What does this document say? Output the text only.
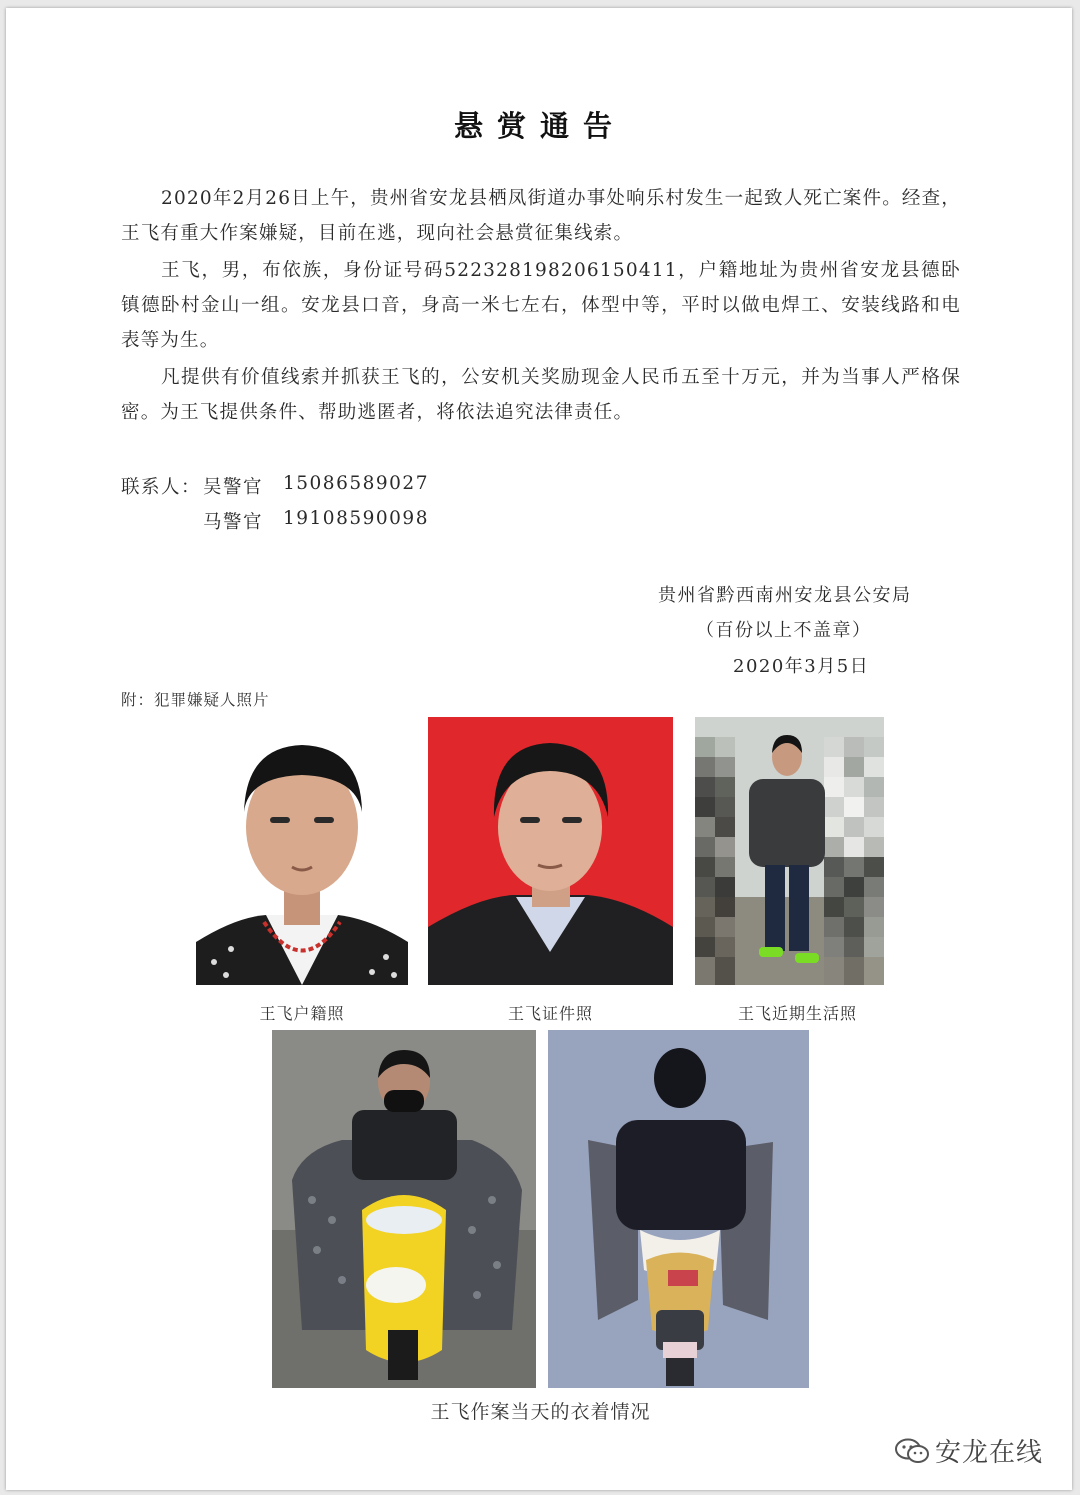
悬赏通告

2020年2月26日上午，贵州省安龙县栖凤街道办事处响乐村发生一起致人死亡案件。经查，王飞有重大作案嫌疑，目前在逃，现向社会悬赏征集线索。

王飞，男，布依族，身份证号码522328198206150411，户籍地址为贵州省安龙县德卧镇德卧村金山一组。安龙县口音，身高一米七左右，体型中等，平时以做电焊工、安装线路和电表等为生。

凡提供有价值线索并抓获王飞的，公安机关奖励现金人民币五至十万元，并为当事人严格保密。为王飞提供条件、帮助逃匿者，将依法追究法律责任。

联系人： 吴警官 15086589027
马警官 19108590098
贵州省黔西南州安龙县公安局
（百份以上不盖章）
2020年3月5日
附：犯罪嫌疑人照片
王飞户籍照	王飞证件照	王飞近期生活照
王飞作案当天的衣着情况
安龙在线
